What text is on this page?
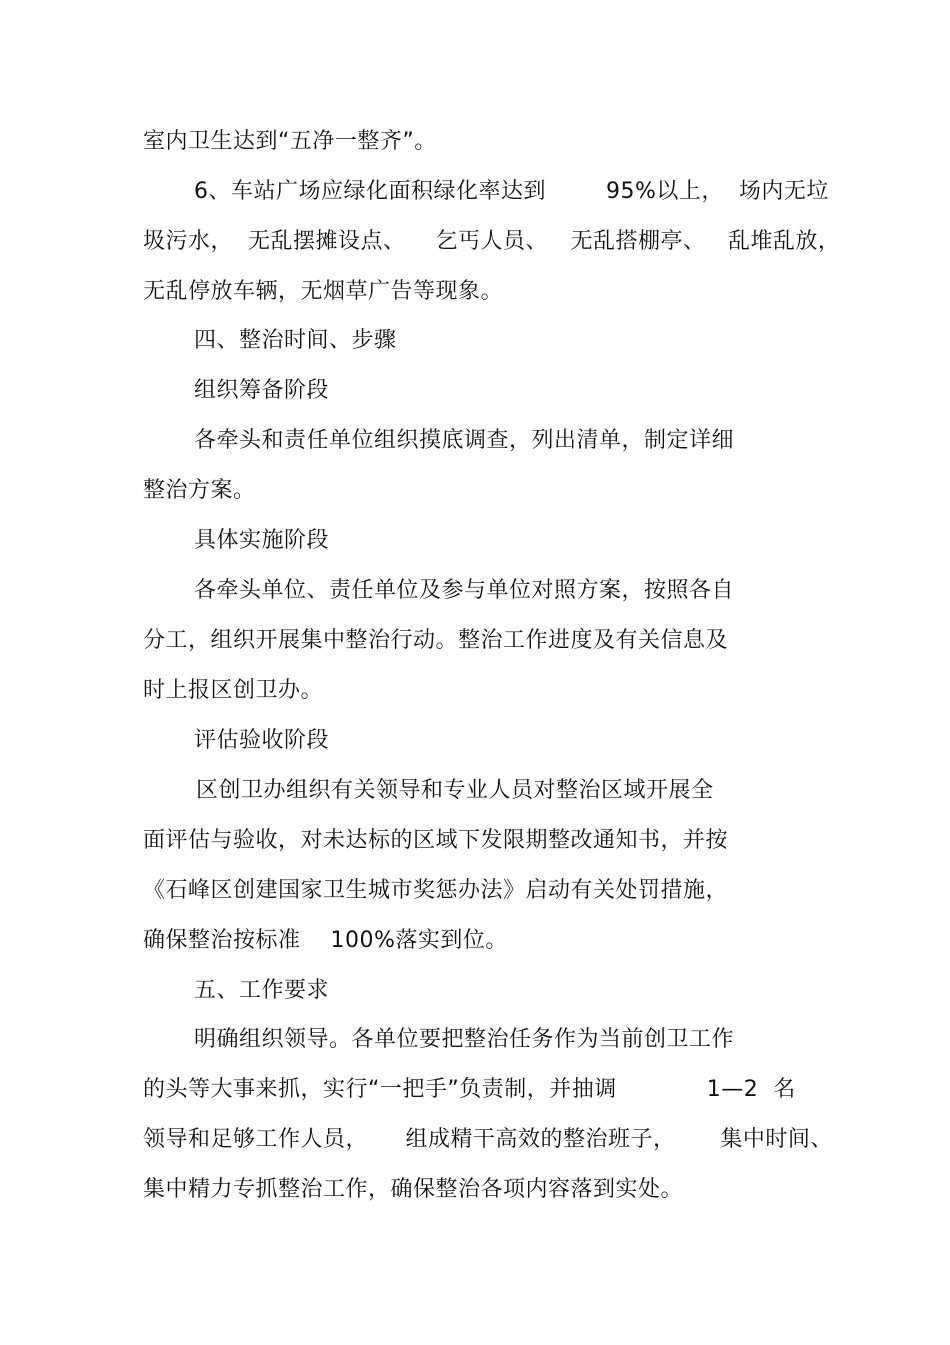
室内卫生达到“五净一整齐”。
6、车站广场应绿化面积绿化率达到        95%以上，  场内无垃
圾污水，  无乱摆摊设点、    乞丐人员、   无乱搭棚亭、   乱堆乱放，
无乱停放车辆，无烟草广告等现象。
四、整治时间、步骤
组织筹备阶段
各牵头和责任单位组织摸底调查，列出清单，制定详细
整治方案。
具体实施阶段
各牵头单位、责任单位及参与单位对照方案，按照各自
分工，组织开展集中整治行动。整治工作进度及有关信息及
时上报区创卫办。
评估验收阶段
区创卫办组织有关领导和专业人员对整治区域开展全
面评估与验收，对未达标的区域下发限期整改通知书，并按
《石峰区创建国家卫生城市奖惩办法》启动有关处罚措施，
确保整治按标准    100%落实到位。
五、工作要求
明确组织领导。各单位要把整治任务作为当前创卫工作
的头等大事来抓，实行“一把手”负责制，并抽调            1—2  名
领导和足够工作人员，     组成精干高效的整治班子，      集中时间、
集中精力专抓整治工作，确保整治各项内容落到实处。
